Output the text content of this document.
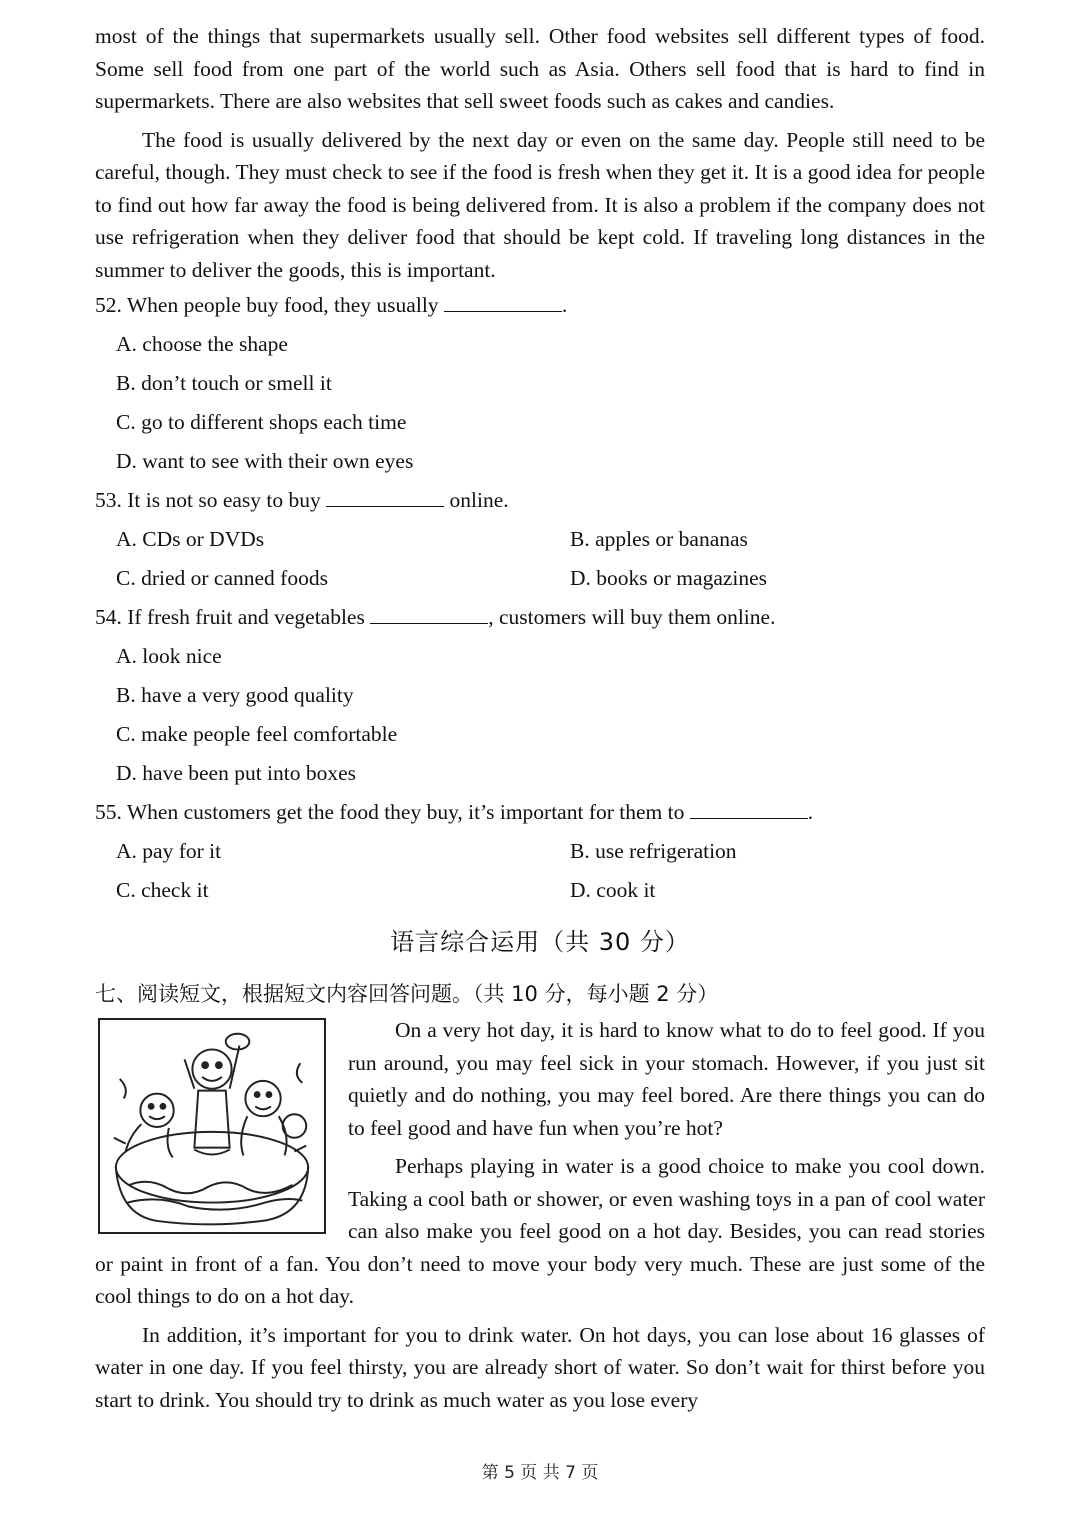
most of the things that supermarkets usually sell. Other food websites sell different types of food. Some sell food from one part of the world such as Asia. Others sell food that is hard to find in supermarkets. There are also websites that sell sweet foods such as cakes and candies.

The food is usually delivered by the next day or even on the same day. People still need to be careful, though. They must check to see if the food is fresh when they get it. It is a good idea for people to find out how far away the food is being delivered from. It is also a problem if the company does not use refrigeration when they deliver food that should be kept cold. If traveling long distances in the summer to deliver the goods, this is important.

52. When people buy food, they usually	.
A. choose the shape
B. don’t touch or smell it
C. go to different shops each time
D. want to see with their own eyes
53. It is not so easy to buy	online.
A. CDs or DVDs	B. apples or bananas
C. dried or canned foods	D. books or magazines
54. If fresh fruit and vegetables	, customers will buy them online.
A. look nice
B. have a very good quality
C. make people feel comfortable
D. have been put into boxes
55. When customers get the food they buy, it’s important for them to	.
A. pay for it	B. use refrigeration
C. check it	D. cook it
语言综合运用（共 30 分）
七、阅读短文，根据短文内容回答问题。（共 10 分，每小题 2 分）

On a very hot day, it is hard to know what to do to feel good. If you run around, you may feel sick in your stomach. However, if you just sit quietly and do nothing, you may feel bored. Are there things you can do to feel good and have fun when you’re hot?

Perhaps playing in water is a good choice to make you cool down. Taking a cool bath or shower, or even washing toys in a pan of cool water can also make you feel good on a hot day. Besides, you can read stories or paint in front of a fan. You don’t need to move your body very much. These are just some of the cool things to do on a hot day.

In addition, it’s important for you to drink water. On hot days, you can lose about 16 glasses of water in one day. If you feel thirsty, you are already short of water. So don’t wait for thirst before you start to drink. You should try to drink as much water as you lose every

第 5 页 共 7 页
